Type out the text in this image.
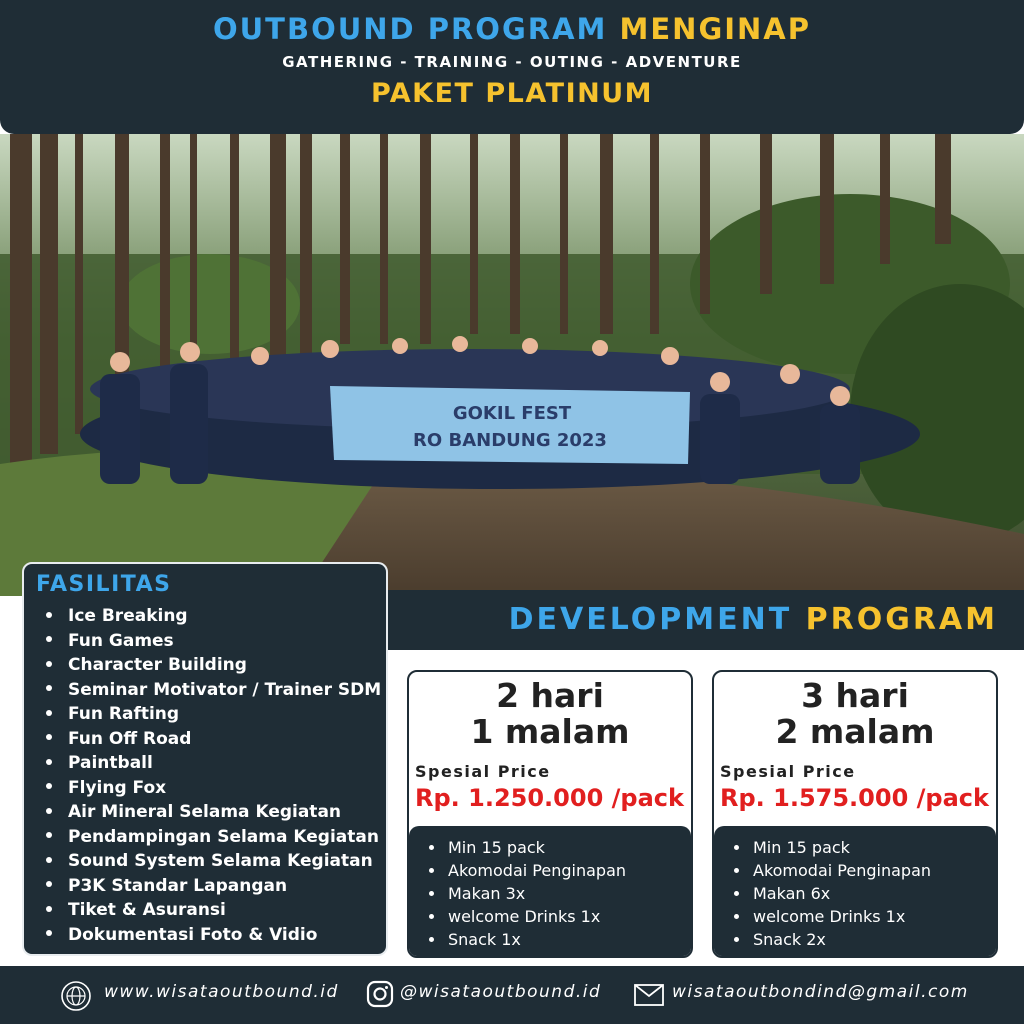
OUTBOUND PROGRAM MENGINAP
GATHERING - TRAINING - OUTING - ADVENTURE
PAKET PLATINUM
GOKIL FEST
RO BANDUNG 2023
DEVELOPMENT PROGRAM
FASILITAS
Ice Breaking
Fun Games
Character Building
Seminar Motivator / Trainer SDM
Fun Rafting
Fun Off Road
Paintball
Flying Fox
Air Mineral Selama Kegiatan
Pendampingan Selama Kegiatan
Sound System Selama Kegiatan
P3K Standar Lapangan
Tiket & Asuransi
Dokumentasi Foto & Vidio
2 hari
1 malam
Spesial Price
Rp. 1.250.000 /pack
Min 15 pack
Akomodai Penginapan
Makan 3x
welcome Drinks 1x
Snack 1x
3 hari
2 malam
Spesial Price
Rp. 1.575.000 /pack
Min 15 pack
Akomodai Penginapan
Makan 6x
welcome Drinks 1x
Snack 2x
www.wisataoutbound.id	@wisataoutbound.id	wisataoutbondind@gmail.com
